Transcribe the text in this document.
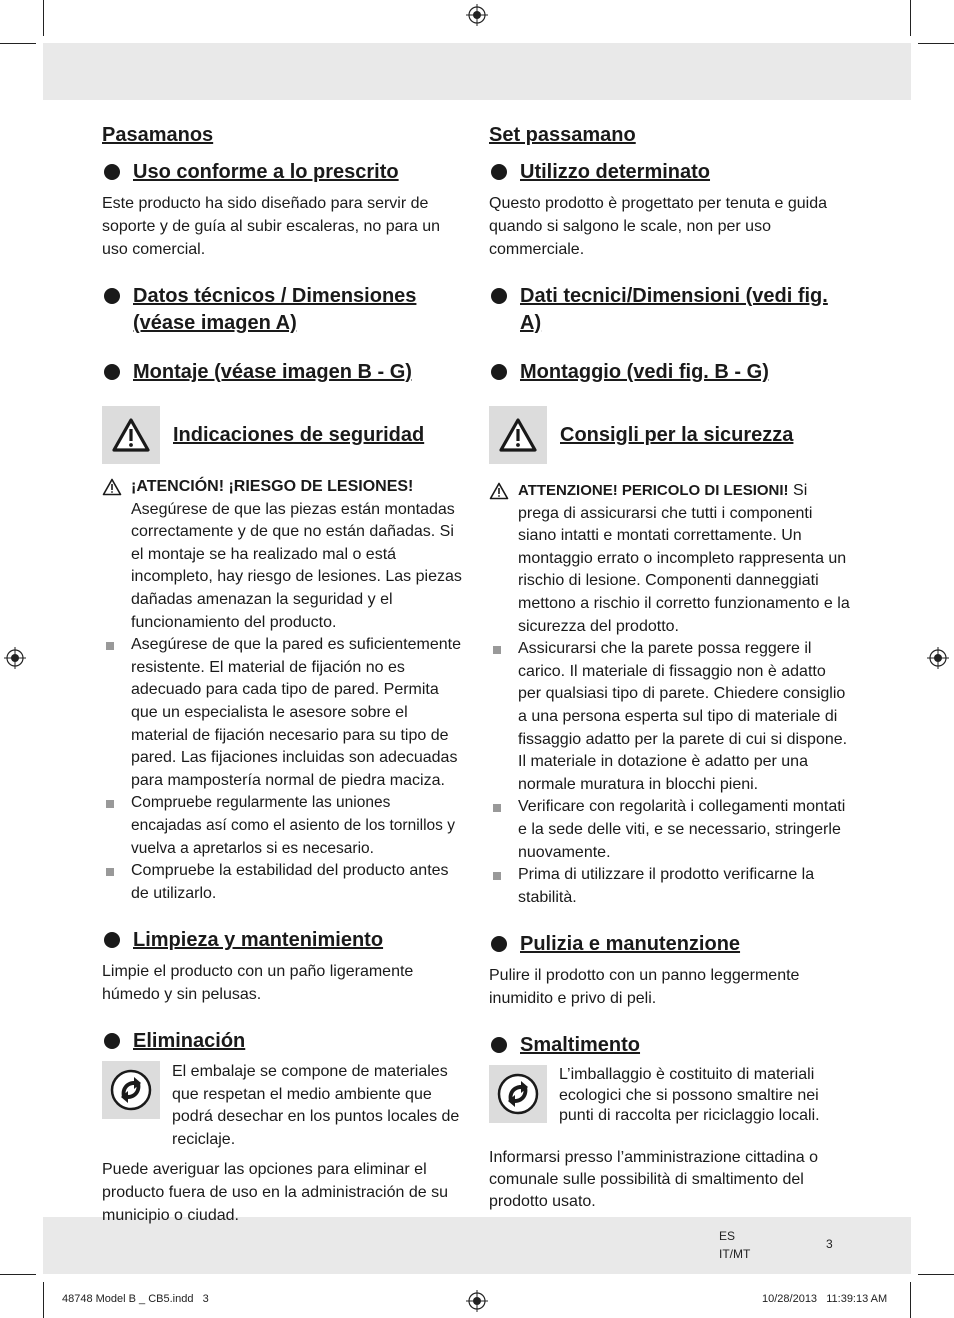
Pasamanos
Uso conforme a lo prescrito

Este producto ha sido diseñado para servir de soporte y de guía al subir escaleras, no para un uso comercial.

Datos técnicos / Dimensiones (véase imagen A)
Montaje (véase imagen B - G)
Indicaciones de seguridad
¡ATENCIÓN! ¡RIESGO DE LESIONES!
Asegúrese de que las piezas están montadas correctamente y de que no están dañadas. Si el montaje se ha realizado mal o está incompleto, hay riesgo de lesiones. Las piezas dañadas amenazan la seguridad y el funcionamiento del producto.
Asegúrese de que la pared es suficientemente resistente. El material de fijación no es adecuado para cada tipo de pared. Permita que un especialista le asesore sobre el material de fijación necesario para su tipo de pared. Las fijaciones incluidas son adecuadas para mampostería normal de piedra maciza.
Compruebe regularmente las uniones encajadas así como el asiento de los tornillos y vuelva a apretarlos si es necesario.
Compruebe la estabilidad del producto antes de utilizarlo.
Limpieza y mantenimiento

Limpie el producto con un paño ligeramente húmedo y sin pelusas.

Eliminación

El embalaje se compone de materiales que respetan el medio ambiente que podrá desechar en los puntos locales de reciclaje.

Puede averiguar las opciones para eliminar el producto fuera de uso en la administración de su municipio o ciudad.

Set passamano
Utilizzo determinato

Questo prodotto è progettato per tenuta e guida quando si salgono le scale, non per uso commerciale.

Dati tecnici/Dimensioni (vedi fig. A)
Montaggio (vedi fig. B - G)
Consigli per la sicurezza
ATTENZIONE! PERICOLO DI LESIONI! Si prega di assicurarsi che tutti i componenti siano intatti e montati correttamente. Un montaggio errato o incompleto rappresenta un rischio di lesione. Componenti danneggiati mettono a rischio il corretto funzionamento e la sicurezza del prodotto.
Assicurarsi che la parete possa reggere il carico. Il materiale di fissaggio non è adatto per qualsiasi tipo di parete. Chiedere consiglio a una persona esperta sul tipo di materiale di fissaggio adatto per la parete di cui si dispone. Il materiale in dotazione è adatto per una normale muratura in blocchi pieni.
Verificare con regolarità i collegamenti montati e la sede delle viti, e se necessario, stringerle nuovamente.
Prima di utilizzare il prodotto verificarne la stabilità.
Pulizia e manutenzione

Pulire il prodotto con un panno leggermente inumidito e privo di peli.

Smaltimento

L’imballaggio è costituito di materiali ecologici che si possono smaltire nei punti di raccolta per riciclaggio locali.

Informarsi presso l’amministrazione cittadina o comunale sulle possibilità di smaltimento del prodotto usato.

ES
IT/MT
3
48748 Model B _ CB5.indd   3	10/28/2013   11:39:13 AM
